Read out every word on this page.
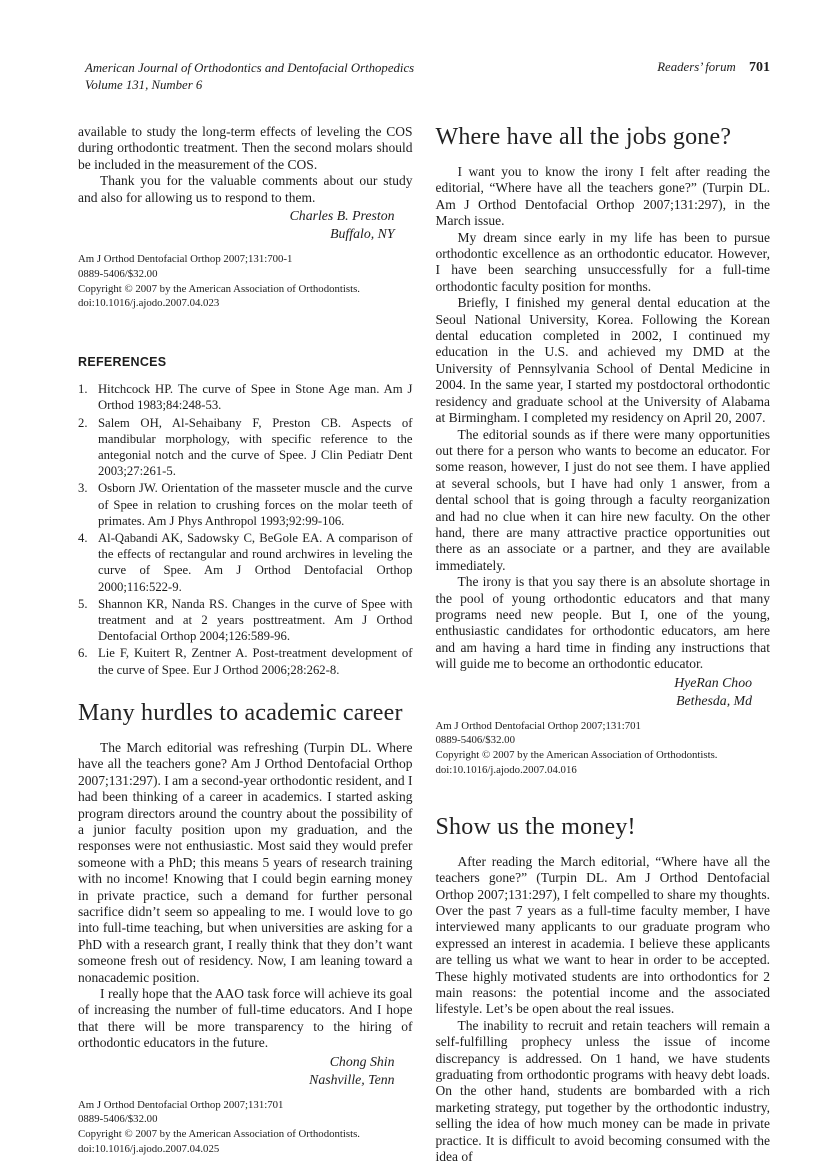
American Journal of Orthodontics and Dentofacial Orthopedics
Volume 131, Number 6
Readers’ forum 701

available to study the long-term effects of leveling the COS during orthodontic treatment. Then the second molars should be included in the measurement of the COS.

Thank you for the valuable comments about our study and also for allowing us to respond to them.

Charles B. Preston
Buffalo, NY
Am J Orthod Dentofacial Orthop 2007;131:700-1
0889-5406/$32.00
Copyright © 2007 by the American Association of Orthodontists.
doi:10.1016/j.ajodo.2007.04.023
REFERENCES
1. Hitchcock HP. The curve of Spee in Stone Age man. Am J Orthod 1983;84:248-53.
2. Salem OH, Al-Sehaibany F, Preston CB. Aspects of mandibular morphology, with specific reference to the antegonial notch and the curve of Spee. J Clin Pediatr Dent 2003;27:261-5.
3. Osborn JW. Orientation of the masseter muscle and the curve of Spee in relation to crushing forces on the molar teeth of primates. Am J Phys Anthropol 1993;92:99-106.
4. Al-Qabandi AK, Sadowsky C, BeGole EA. A comparison of the effects of rectangular and round archwires in leveling the curve of Spee. Am J Orthod Dentofacial Orthop 2000;116:522-9.
5. Shannon KR, Nanda RS. Changes in the curve of Spee with treatment and at 2 years posttreatment. Am J Orthod Dentofacial Orthop 2004;126:589-96.
6. Lie F, Kuitert R, Zentner A. Post-treatment development of the curve of Spee. Eur J Orthod 2006;28:262-8.
Many hurdles to academic career

The March editorial was refreshing (Turpin DL. Where have all the teachers gone? Am J Orthod Dentofacial Orthop 2007;131:297). I am a second-year orthodontic resident, and I had been thinking of a career in academics. I started asking program directors around the country about the possibility of a junior faculty position upon my graduation, and the responses were not enthusiastic. Most said they would prefer someone with a PhD; this means 5 years of research training with no income! Knowing that I could begin earning money in private practice, such a demand for further personal sacrifice didn’t seem so appealing to me. I would love to go into full-time teaching, but when universities are asking for a PhD with a research grant, I really think that they don’t want someone fresh out of residency. Now, I am leaning toward a nonacademic position.

I really hope that the AAO task force will achieve its goal of increasing the number of full-time educators. And I hope that there will be more transparency to the hiring of orthodontic educators in the future.

Chong Shin
Nashville, Tenn
Am J Orthod Dentofacial Orthop 2007;131:701
0889-5406/$32.00
Copyright © 2007 by the American Association of Orthodontists.
doi:10.1016/j.ajodo.2007.04.025
Where have all the jobs gone?

I want you to know the irony I felt after reading the editorial, “Where have all the teachers gone?” (Turpin DL. Am J Orthod Dentofacial Orthop 2007;131:297), in the March issue.

My dream since early in my life has been to pursue orthodontic excellence as an orthodontic educator. However, I have been searching unsuccessfully for a full-time orthodontic faculty position for months.

Briefly, I finished my general dental education at the Seoul National University, Korea. Following the Korean dental education completed in 2002, I continued my education in the U.S. and achieved my DMD at the University of Pennsylvania School of Dental Medicine in 2004. In the same year, I started my postdoctoral orthodontic residency and graduate school at the University of Alabama at Birmingham. I completed my residency on April 20, 2007.

The editorial sounds as if there were many opportunities out there for a person who wants to become an educator. For some reason, however, I just do not see them. I have applied at several schools, but I have had only 1 answer, from a dental school that is going through a faculty reorganization and had no clue when it can hire new faculty. On the other hand, there are many attractive practice opportunities out there as an associate or a partner, and they are available immediately.

The irony is that you say there is an absolute shortage in the pool of young orthodontic educators and that many programs need new people. But I, one of the young, enthusiastic candidates for orthodontic educators, am here and am having a hard time in finding any instructions that will guide me to become an orthodontic educator.

HyeRan Choo
Bethesda, Md
Am J Orthod Dentofacial Orthop 2007;131:701
0889-5406/$32.00
Copyright © 2007 by the American Association of Orthodontists.
doi:10.1016/j.ajodo.2007.04.016
Show us the money!

After reading the March editorial, “Where have all the teachers gone?” (Turpin DL. Am J Orthod Dentofacial Orthop 2007;131:297), I felt compelled to share my thoughts. Over the past 7 years as a full-time faculty member, I have interviewed many applicants to our graduate program who expressed an interest in academia. I believe these applicants are telling us what we want to hear in order to be accepted. These highly motivated students are into orthodontics for 2 main reasons: the potential income and the associated lifestyle. Let’s be open about the real issues.

The inability to recruit and retain teachers will remain a self-fulfilling prophecy unless the issue of income discrepancy is addressed. On 1 hand, we have students graduating from orthodontic programs with heavy debt loads. On the other hand, students are bombarded with a rich marketing strategy, put together by the orthodontic industry, selling the idea of how much money can be made in private practice. It is difficult to avoid becoming consumed with the idea of
